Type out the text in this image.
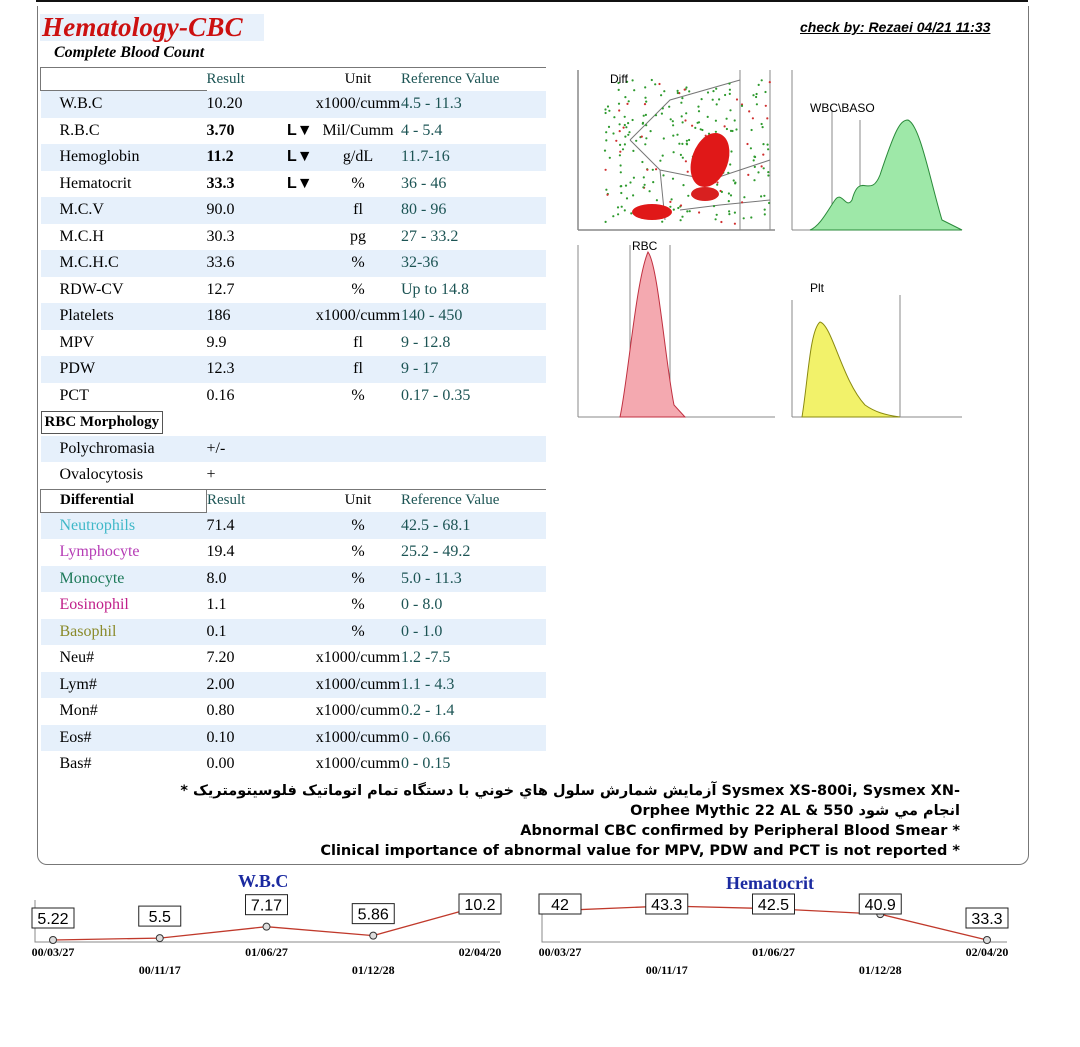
Hematology-CBC
Complete Blood Count
check by: Rezaei 04/21 11:33
	Result		Unit	Reference Value
W.B.C	10.20		x1000/cumm	4.5 - 11.3
R.B.C	3.70	L▼	Mil/Cumm	4 - 5.4
Hemoglobin	11.2	L▼	g/dL	11.7-16
Hematocrit	33.3	L▼	%	36 - 46
M.C.V	90.0		fl	80 - 96
M.C.H	30.3		pg	27 - 33.2
M.C.H.C	33.6		%	32-36
RDW-CV	12.7		%	Up to 14.8
Platelets	186		x1000/cumm	140 - 450
MPV	9.9		fl	9 - 12.8
PDW	12.3		fl	9 - 17
PCT	0.16		%	0.17 - 0.35
RBC Morphology				
Polychromasia	+/-			
Ovalocytosis	+			
Differential	Result		Unit	Reference Value
Neutrophils	71.4		%	42.5 - 68.1
Lymphocyte	19.4		%	25.2 - 49.2
Monocyte	8.0		%	5.0 - 11.3
Eosinophil	1.1		%	0 - 8.0
Basophil	0.1		%	0 - 1.0
Neu#	7.20		x1000/cumm	1.2 -7.5
Lym#	2.00		x1000/cumm	1.1 - 4.3
Mon#	0.80		x1000/cumm	0.2 - 1.4
Eos#	0.10		x1000/cumm	0 - 0.66
Bas#	0.00		x1000/cumm	0 - 0.15
Diff
WBC\BASO
RBC
Plt
* آزمايش شمارش سلول هاي خوني با دستگاه تمام اتوماتيک فلوسيتومتريک Sysmex XS-800i, Sysmex XN-
Orphee Mythic 22 AL & 550 انجام مي شود
Abnormal CBC confirmed by Peripheral Blood Smear *
Clinical importance of abnormal value for MPV, PDW and PCT is not reported *
W.B.C	Hematocrit
5.22
00/03/27
5.5
00/11/17
7.17
01/06/27
5.86
01/12/28
10.2
02/04/20
42
00/03/27
43.3
00/11/17
42.5
01/06/27
40.9
01/12/28
33.3
02/04/20
